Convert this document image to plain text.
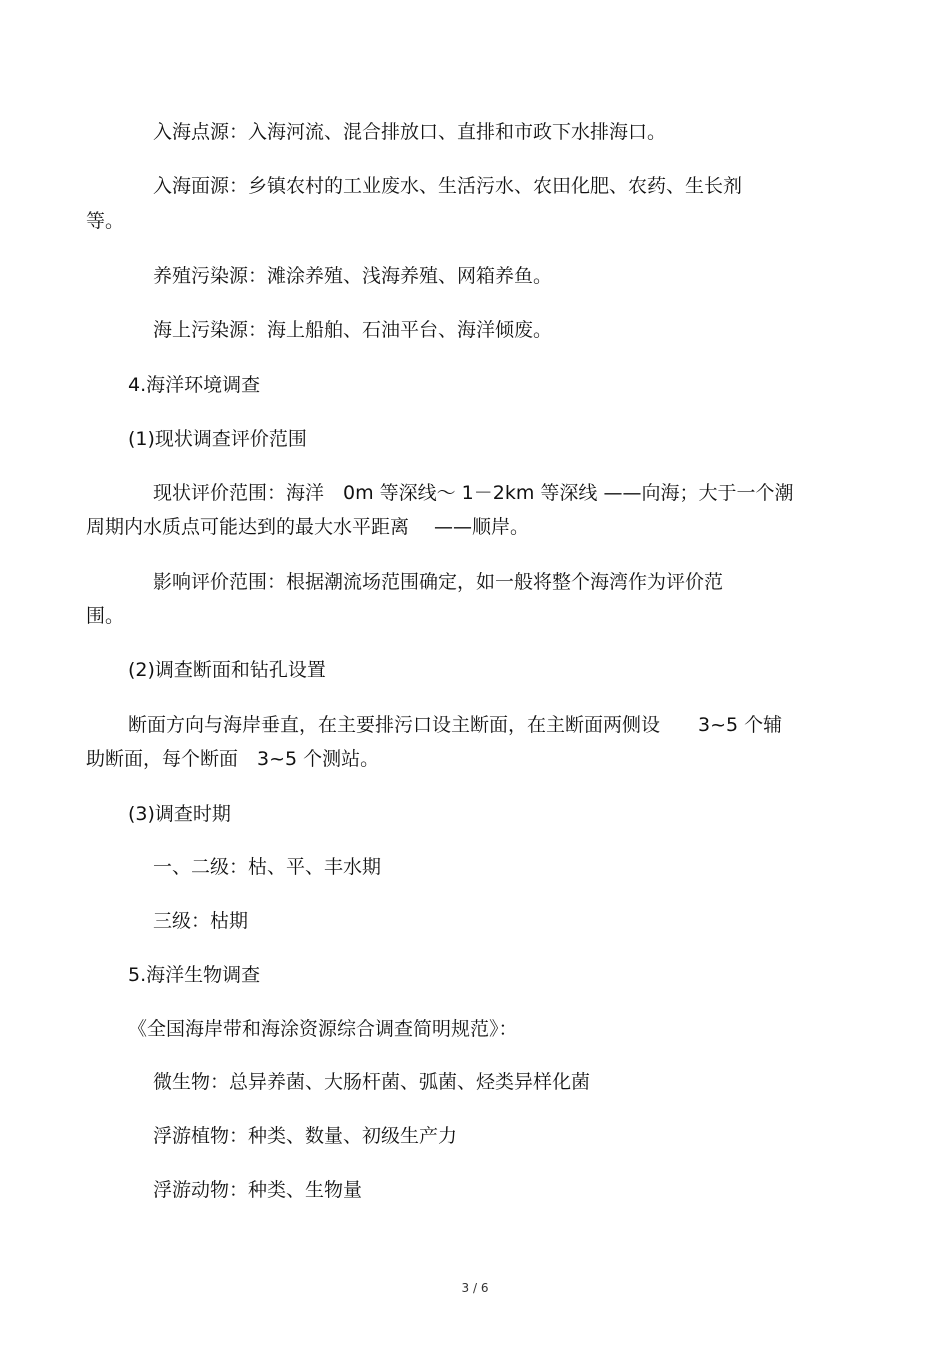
入海点源：入海河流、混合排放口、直排和市政下水排海口。
入海面源：乡镇农村的工业废水、生活污水、农田化肥、农药、生长剂
等。
养殖污染源：滩涂养殖、浅海养殖、网箱养鱼。
海上污染源：海上船舶、石油平台、海洋倾废。
4.海洋环境调查
(1)现状调查评价范围
现状评价范围：海洋　0m 等深线～ 1－2km 等深线 ——向海；大于一个潮
周期内水质点可能达到的最大水平距离　 ——顺岸。
影响评价范围：根据潮流场范围确定，如一般将整个海湾作为评价范
围。
(2)调查断面和钻孔设置
断面方向与海岸垂直，在主要排污口设主断面，在主断面两侧设　　3~5 个辅
助断面，每个断面　3~5 个测站。
(3)调查时期
一、二级：枯、平、丰水期
三级：枯期
5.海洋生物调查
《全国海岸带和海涂资源综合调查简明规范》：
微生物：总异养菌、大肠杆菌、弧菌、烃类异样化菌
浮游植物：种类、数量、初级生产力
浮游动物：种类、生物量
3 / 6
